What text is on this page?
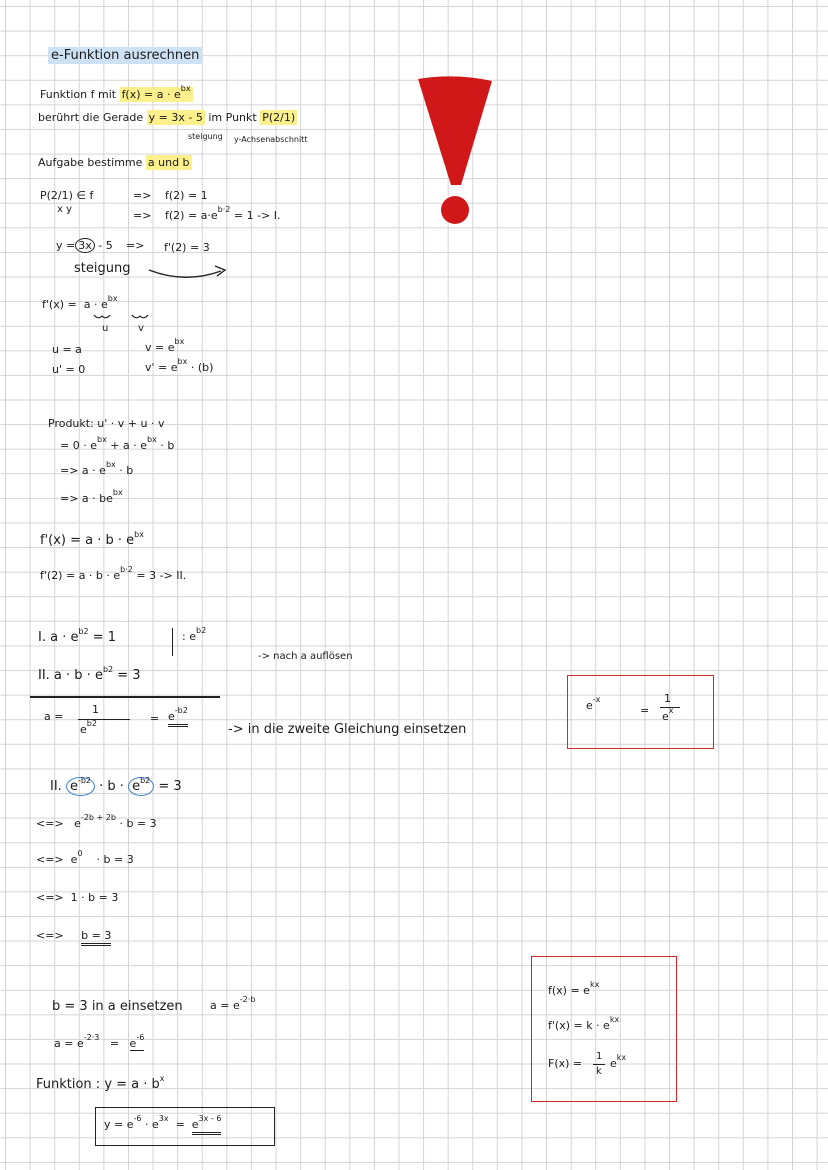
e-Funktion ausrechnen
Funktion f mit $f(x) = a \cdot e^{bx}$
berührt die Gerade y = 3x - 5 im Punkt P(2/1)
steigung y-Achsenabschnitt
Aufgabe bestimme a und b
P(2/1) ∈ f
x y
=> f(2) = 1
=> $f(2) = a\cdot e^{b\cdot 2} = 1 -> I$.
y = 3x - 5 => f'(2) = 3
steigung
$f'(x) = a \cdot e^{bx}$
u	v
u = a
u' = 0
$v = e^{bx}$
$v' = e^{bx} \cdot (b)$
Produkt: u' · v + u · v
= $0 \cdot e^{bx} + a \cdot e^{bx} \cdot b$
=> $a \cdot e^{bx} \cdot b$
=> $a \cdot be^{bx}$
$f'(x) = a \cdot b \cdot e^{bx}$
$f'(2) = a \cdot b \cdot e^{b\cdot 2} = 3$ -> II.
I. $a \cdot e^{b2} = 1$	: $e^{b2}$
-> nach a auflösen
II. $a \cdot b \cdot e^{b2} = 3$
a =
1
$e^{b2}$	= $e^{-b2}$
-> in die zweite Gleichung einsetzen
$e^{-x}$
=
1
$e^x$
II. $e^{-b2} \cdot b \cdot e^{b2} = 3$
<=> $e^{-2b + 2b} \cdot b = 3$
<=> $e^0 \cdot b = 3$
<=> 1 · b = 3
<=> b = 3
$f(x) = e^{kx}$
$f'(x) = k \cdot e^{kx}$
F(x) =
1
k
$e^{kx}$
b = 3 in a einsetzen $a = e^{-2\cdot b}$
$a = e^{-2\cdot 3} = e^{-6}$
Funktion : $y = a \cdot b^x$
$y = e^{-6} \cdot e^{3x} = e^{3x - 6}$
